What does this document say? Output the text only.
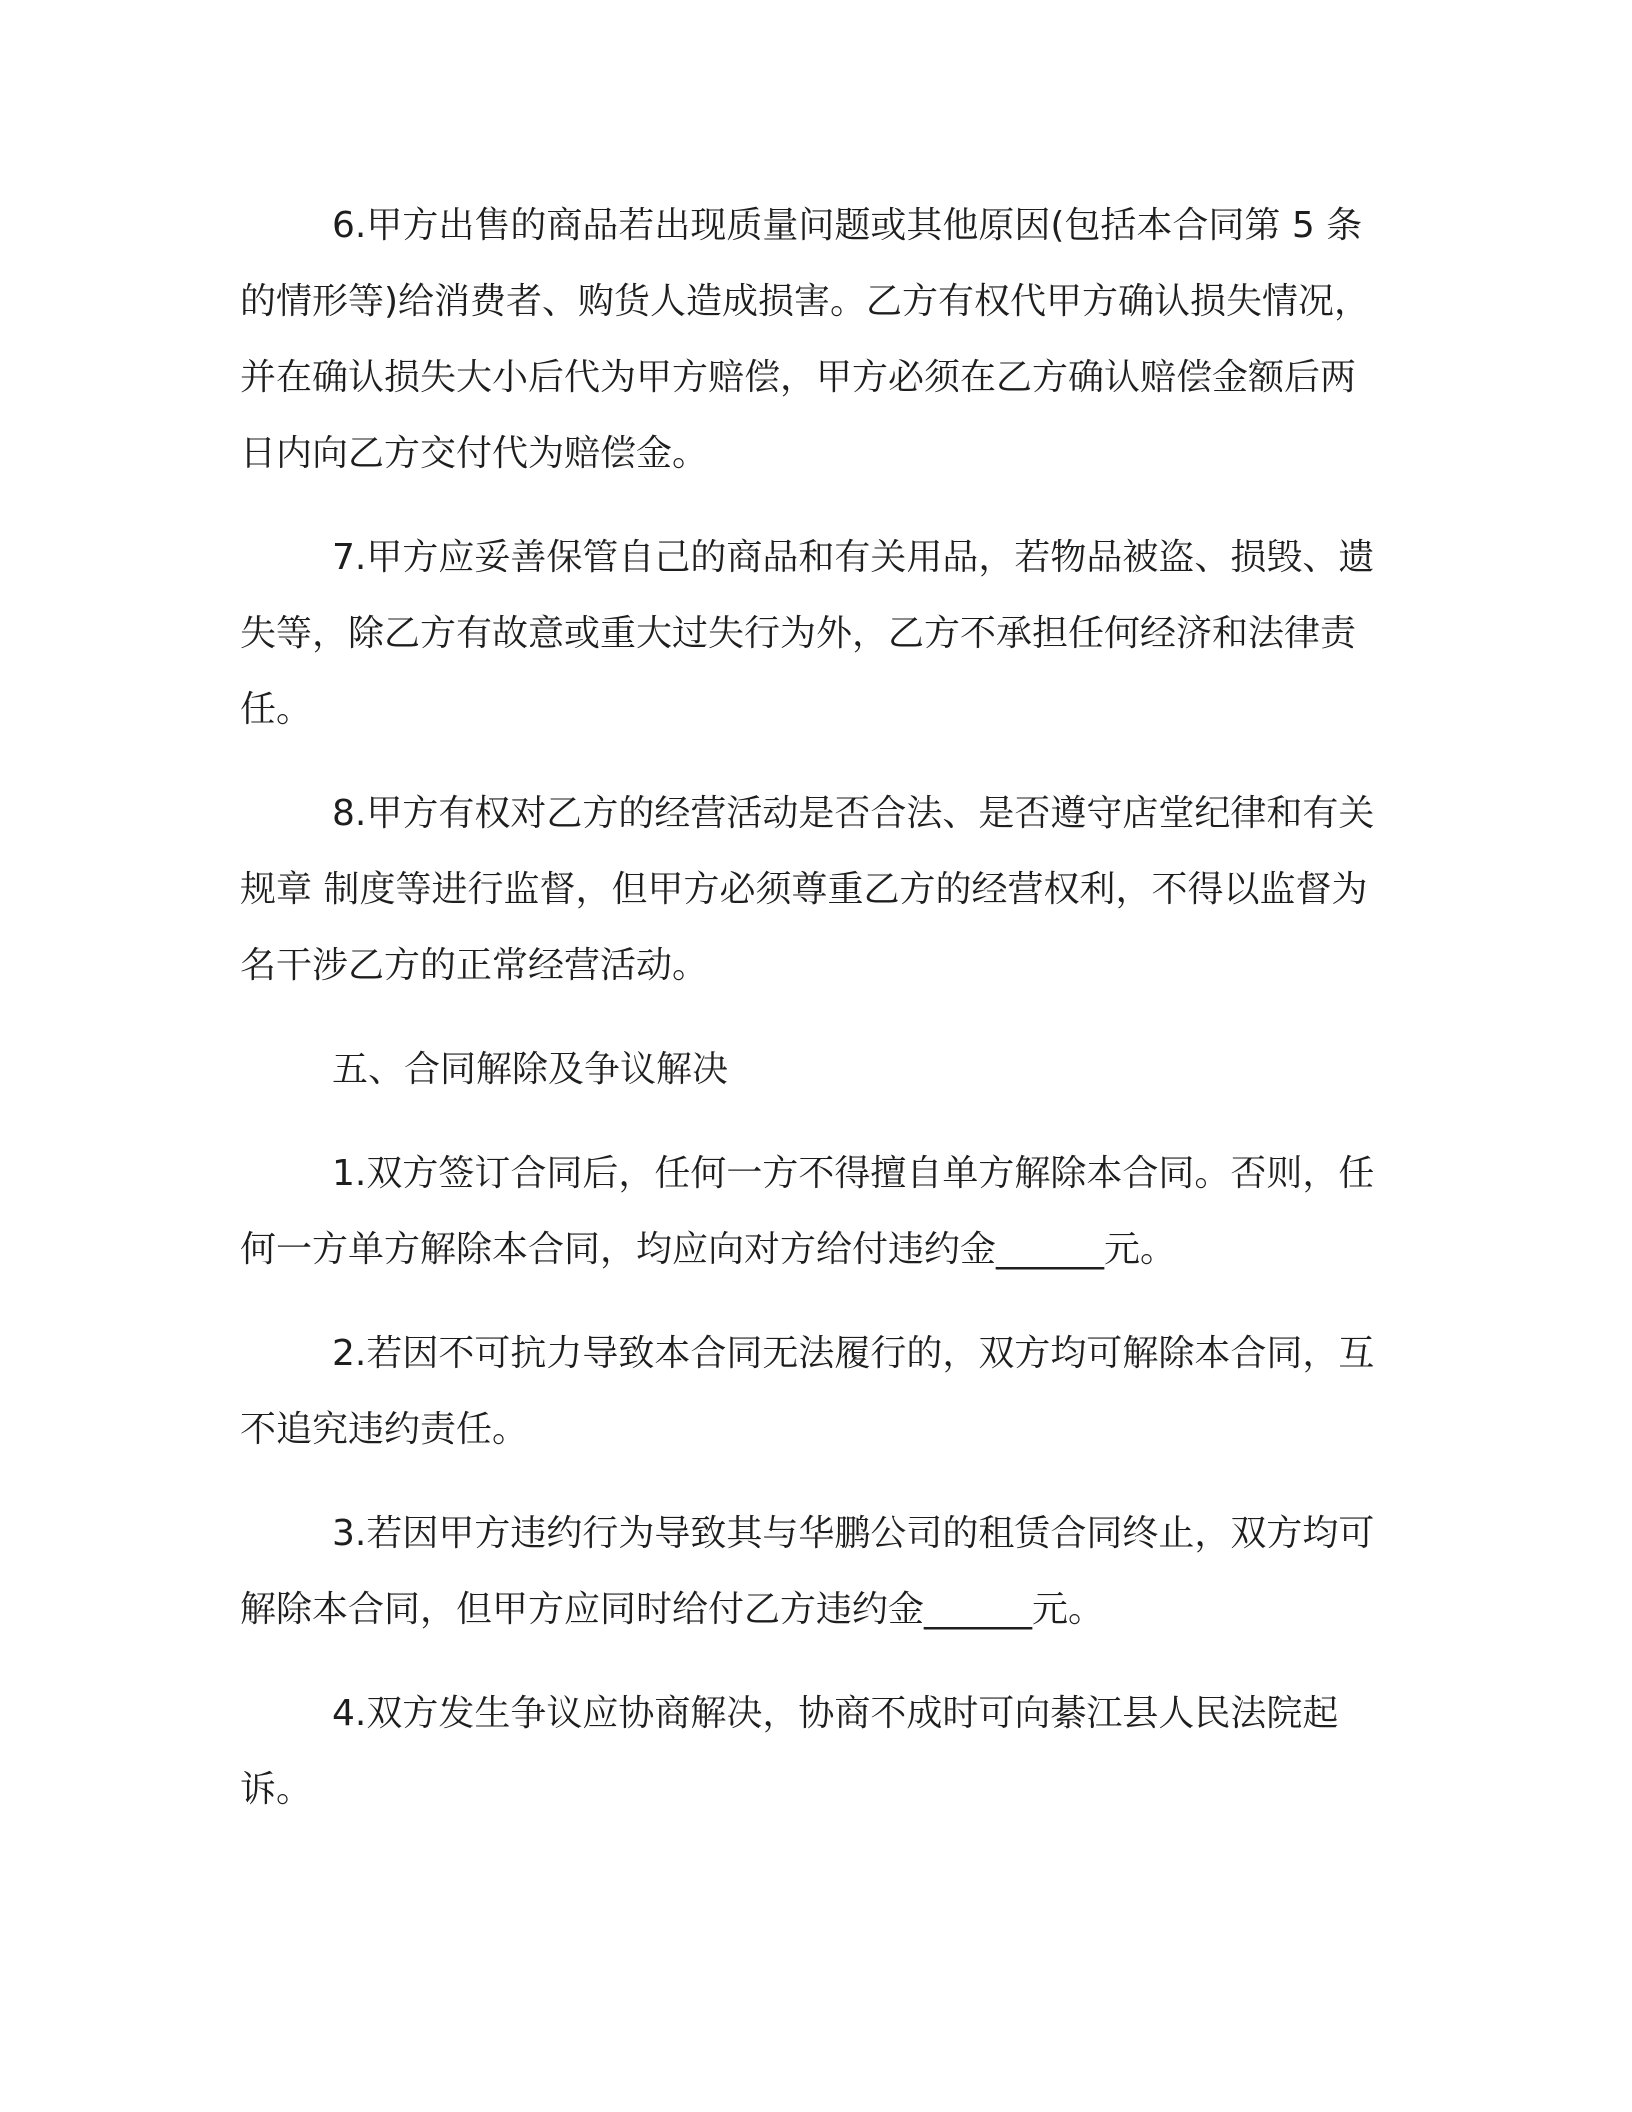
6.甲方出售的商品若出现质量问题或其他原因(包括本合同第 5 条的情形等)给消费者、购货人造成损害。乙方有权代甲方确认损失情况，并在确认损失大小后代为甲方赔偿，甲方必须在乙方确认赔偿金额后两日内向乙方交付代为赔偿金。

7.甲方应妥善保管自己的商品和有关用品，若物品被盗、损毁、遗失等，除乙方有故意或重大过失行为外，乙方不承担任何经济和法律责任。

8.甲方有权对乙方的经营活动是否合法、是否遵守店堂纪律和有关规章 制度等进行监督，但甲方必须尊重乙方的经营权利，不得以监督为名干涉乙方的正常经营活动。

五、合同解除及争议解决

1.双方签订合同后，任何一方不得擅自单方解除本合同。否则，任何一方单方解除本合同，均应向对方给付违约金______元。

2.若因不可抗力导致本合同无法履行的，双方均可解除本合同，互不追究违约责任。

3.若因甲方违约行为导致其与华鹏公司的租赁合同终止，双方均可解除本合同，但甲方应同时给付乙方违约金______元。

4.双方发生争议应协商解决，协商不成时可向綦江县人民法院起诉。
